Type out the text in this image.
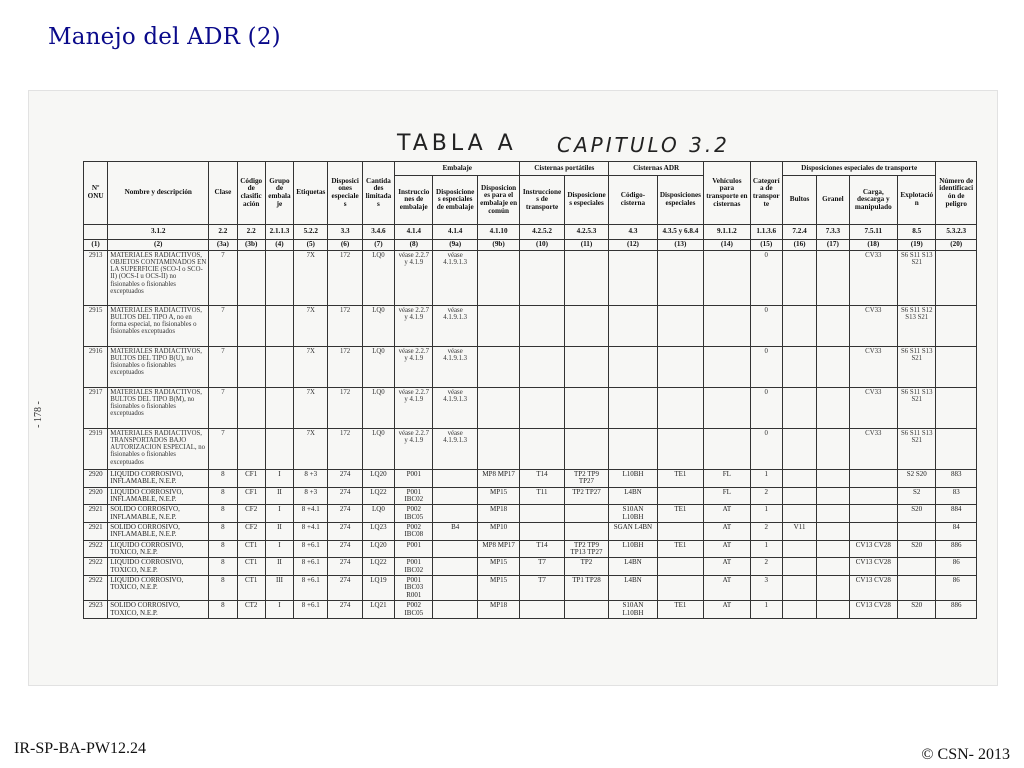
Manejo del ADR (2)
TABLA A CAPITULO 3.2
- 178 -
Nº ONU	Nombre y descripción	Clase	Código de clasificación	Grupo de embalaje	Etiquetas	Disposiciones especiales	Cantidades limitadas	Embalaje			Cisternas portátiles		Cisternas ADR		Vehículos para transporte en cisternas	Categoría de transporte	Disposiciones especiales de transporte				Número de identificación de peligro
								Instrucciones de embalaje	Disposiciones especiales de embalaje	Disposiciones para el embalaje en común	Instrucciones de transporte	Disposiciones especiales	Código-cisterna	Disposiciones especiales			Bultos	Granel	Carga, descarga y manipulado	Explotación	
	3.1.2	2.2	2.2	2.1.1.3	5.2.2	3.3	3.4.6	4.1.4	4.1.4	4.1.10	4.2.5.2	4.2.5.3	4.3	4.3.5 y 6.8.4	9.1.1.2	1.1.3.6	7.2.4	7.3.3	7.5.11	8.5	5.3.2.3
(1)	(2)	(3a)	(3b)	(4)	(5)	(6)	(7)	(8)	(9a)	(9b)	(10)	(11)	(12)	(13)	(14)	(15)	(16)	(17)	(18)	(19)	(20)
2913	MATERIALES RADIACTIVOS, OBJETOS CONTAMINADOS EN LA SUPERFICIE (SCO-I o SCO-II) (OCS-I u OCS-II) no fisionables o fisionables exceptuados	7			7X	172	LQ0	véase 2.2.7 y 4.1.9	véase 4.1.9.1.3							0			CV33	S6 S11 S13 S21	
2915	MATERIALES RADIACTIVOS, BULTOS DEL TIPO A, no en forma especial, no fisionables o fisionables exceptuados	7			7X	172	LQ0	véase 2.2.7 y 4.1.9	véase 4.1.9.1.3							0			CV33	S6 S11 S12 S13 S21	
2916	MATERIALES RADIACTIVOS, BULTOS DEL TIPO B(U), no fisionables o fisionables exceptuados	7			7X	172	LQ0	véase 2.2.7 y 4.1.9	véase 4.1.9.1.3							0			CV33	S6 S11 S13 S21	
2917	MATERIALES RADIACTIVOS, BULTOS DEL TIPO B(M), no fisionables o fisionables exceptuados	7			7X	172	LQ0	véase 2.2.7 y 4.1.9	véase 4.1.9.1.3							0			CV33	S6 S11 S13 S21	
2919	MATERIALES RADIACTIVOS, TRANSPORTADOS BAJO AUTORIZACION ESPECIAL, no fisionables o fisionables exceptuados	7			7X	172	LQ0	véase 2.2.7 y 4.1.9	véase 4.1.9.1.3							0			CV33	S6 S11 S13 S21	
2920	LIQUIDO CORROSIVO, INFLAMABLE, N.E.P.	8	CF1	I	8 +3	274	LQ20	P001		MP8 MP17	T14	TP2 TP9 TP27	L10BH	TE1	FL	1				S2 S20	883
2920	LIQUIDO CORROSIVO, INFLAMABLE, N.E.P.	8	CF1	II	8 +3	274	LQ22	P001 IBC02		MP15	T11	TP2 TP27	L4BN		FL	2				S2	83
2921	SOLIDO CORROSIVO, INFLAMABLE, N.E.P.	8	CF2	I	8 +4.1	274	LQ0	P002 IBC05		MP18			S10AN L10BH	TE1	AT	1				S20	884
2921	SOLIDO CORROSIVO, INFLAMABLE, N.E.P.	8	CF2	II	8 +4.1	274	LQ23	P002 IBC08	B4	MP10			SGAN L4BN		AT	2	V11				84
2922	LIQUIDO CORROSIVO, TOXICO, N.E.P.	8	CT1	I	8 +6.1	274	LQ20	P001		MP8 MP17	T14	TP2 TP9 TP13 TP27	L10BH	TE1	AT	1			CV13 CV28	S20	886
2922	LIQUIDO CORROSIVO, TOXICO, N.E.P.	8	CT1	II	8 +6.1	274	LQ22	P001 IBC02		MP15	T7	TP2	L4BN		AT	2			CV13 CV28		86
2922	LIQUIDO CORROSIVO, TOXICO, N.E.P.	8	CT1	III	8 +6.1	274	LQ19	P001 IBC03 R001		MP15	T7	TP1 TP28	L4BN		AT	3			CV13 CV28		86
2923	SOLIDO CORROSIVO, TOXICO, N.E.P.	8	CT2	I	8 +6.1	274	LQ21	P002 IBC05		MP18			S10AN L10BH	TE1	AT	1			CV13 CV28	S20	886
IR-SP-BA-PW12.24	© CSN- 2013
